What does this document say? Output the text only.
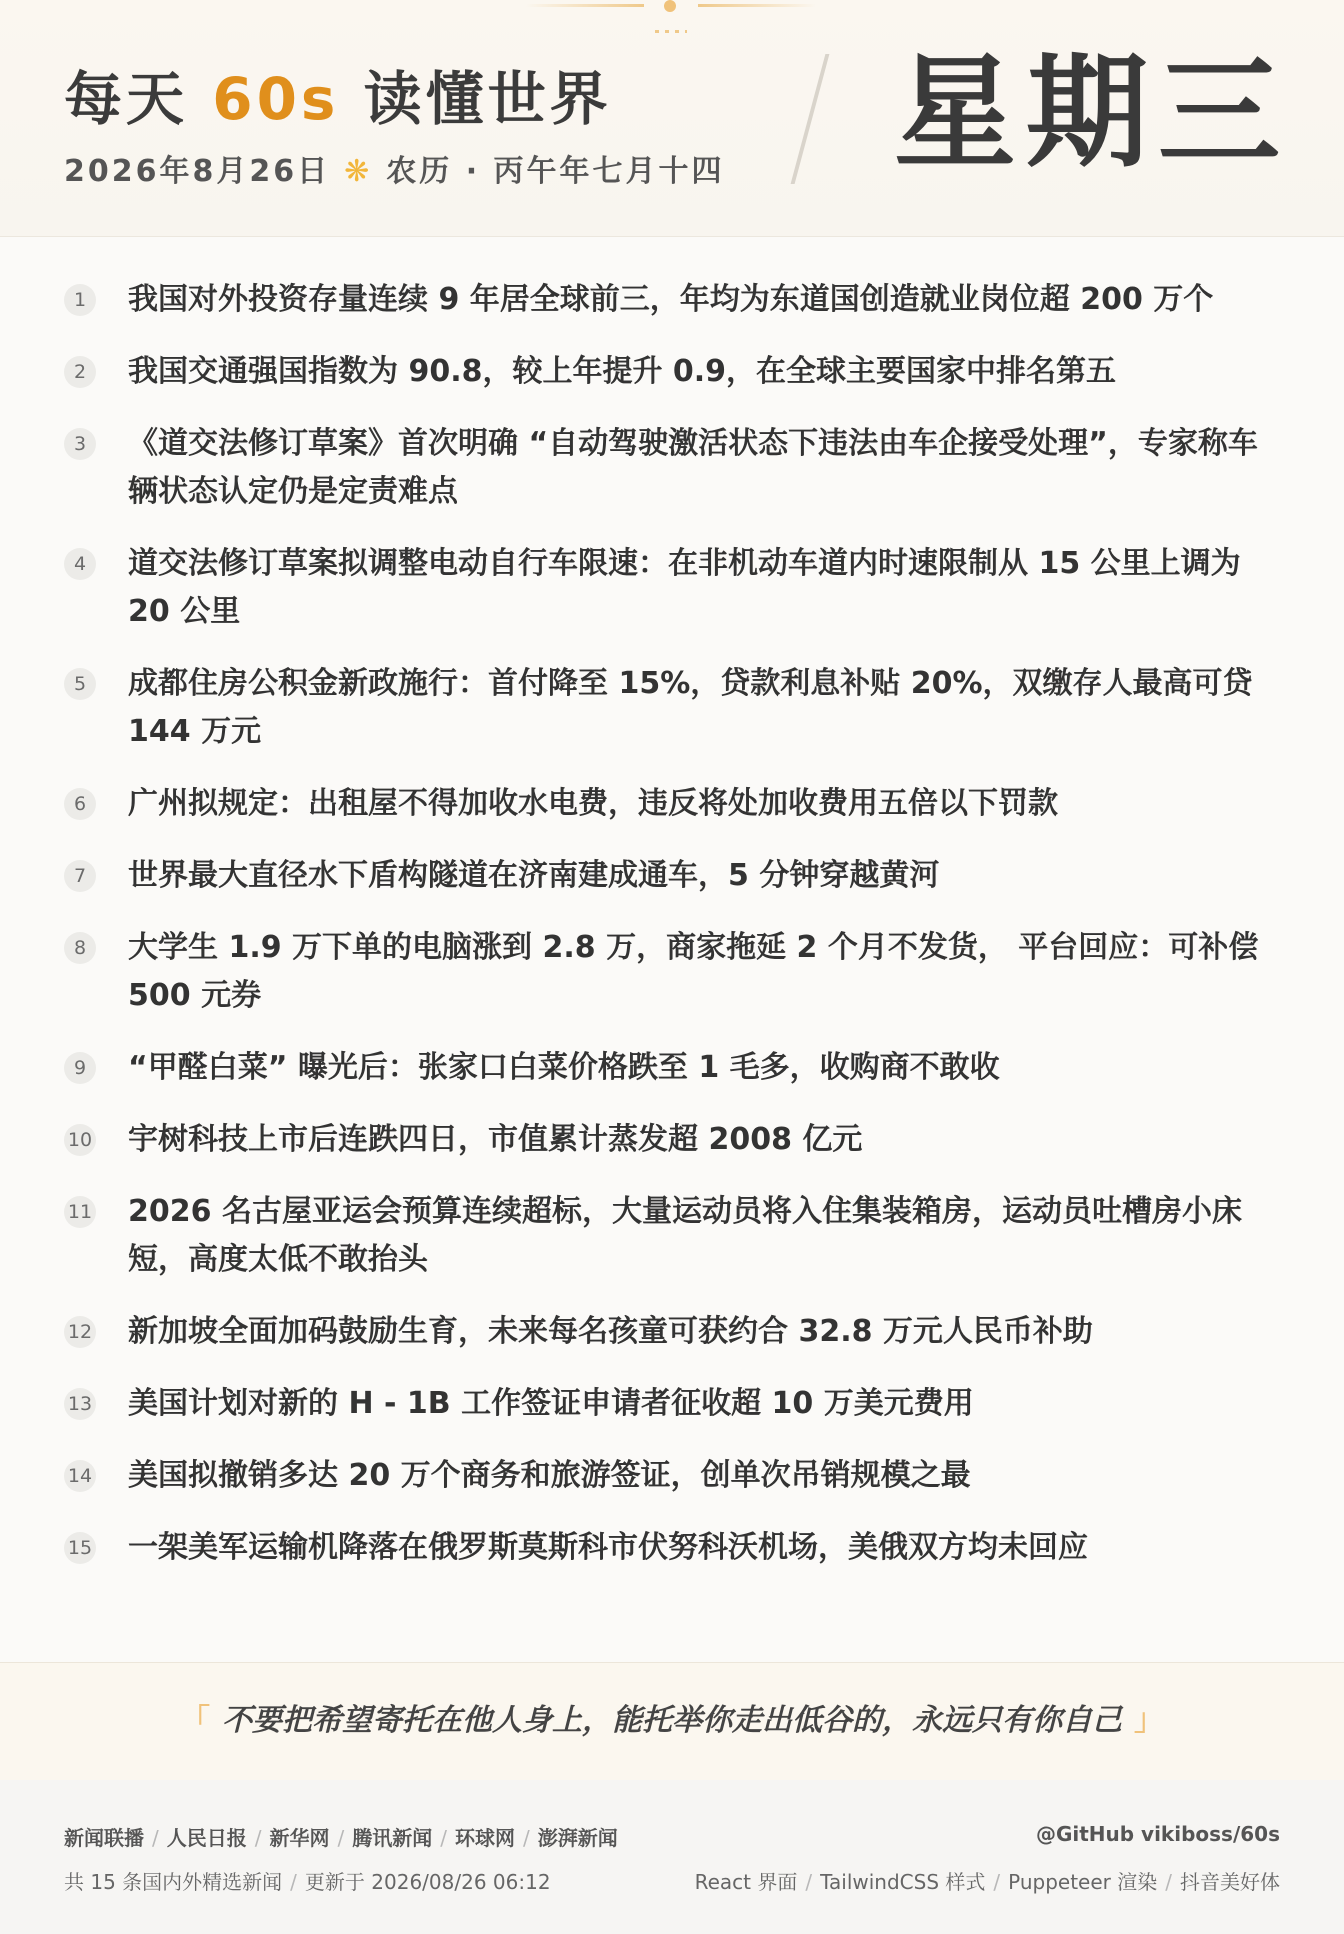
每天 60s 读懂世界
2026年8月26日 ❋ 农历 · 丙午年七月十四 星期三
1	我国对外投资存量连续 9 年居全球前三，年均为东道国创造就业岗位超 200 万个
2	我国交通强国指数为 90.8，较上年提升 0.9，在全球主要国家中排名第五
3	《道交法修订草案》首次明确 “自动驾驶激活状态下违法由车企接受处理”，专家称车辆状态认定仍是定责难点
4	道交法修订草案拟调整电动自行车限速：在非机动车道内时速限制从 15 公里上调为 20 公里
5	成都住房公积金新政施行：首付降至 15%，贷款利息补贴 20%，双缴存人最高可贷 144 万元
6	广州拟规定：出租屋不得加收水电费，违反将处加收费用五倍以下罚款
7	世界最大直径水下盾构隧道在济南建成通车，5 分钟穿越黄河
8	大学生 1.9 万下单的电脑涨到 2.8 万，商家拖延 2 个月不发货， 平台回应：可补偿 500 元券
9	“甲醛白菜” 曝光后：张家口白菜价格跌至 1 毛多，收购商不敢收
10 宇树科技上市后连跌四日，市值累计蒸发超 2008 亿元
11 2026 名古屋亚运会预算连续超标，大量运动员将入住集装箱房，运动员吐槽房小床短，高度太低不敢抬头
12 新加坡全面加码鼓励生育，未来每名孩童可获约合 32.8 万元人民币补助
13 美国计划对新的 H - 1B 工作签证申请者征收超 10 万美元费用
14 美国拟撤销多达 20 万个商务和旅游签证，创单次吊销规模之最
15 一架美军运输机降落在俄罗斯莫斯科市伏努科沃机场，美俄双方均未回应
「 不要把希望寄托在他人身上，能托举你走出低谷的，永远只有你自己 」
新闻联播 / 人民日报 / 新华网 / 腾讯新闻 / 环球网 / 澎湃新闻	@GitHub vikiboss/60s
共 15 条国内外精选新闻 / 更新于 2026/08/26 06:12	React 界面 / TailwindCSS 样式 / Puppeteer 渲染 / 抖音美好体
